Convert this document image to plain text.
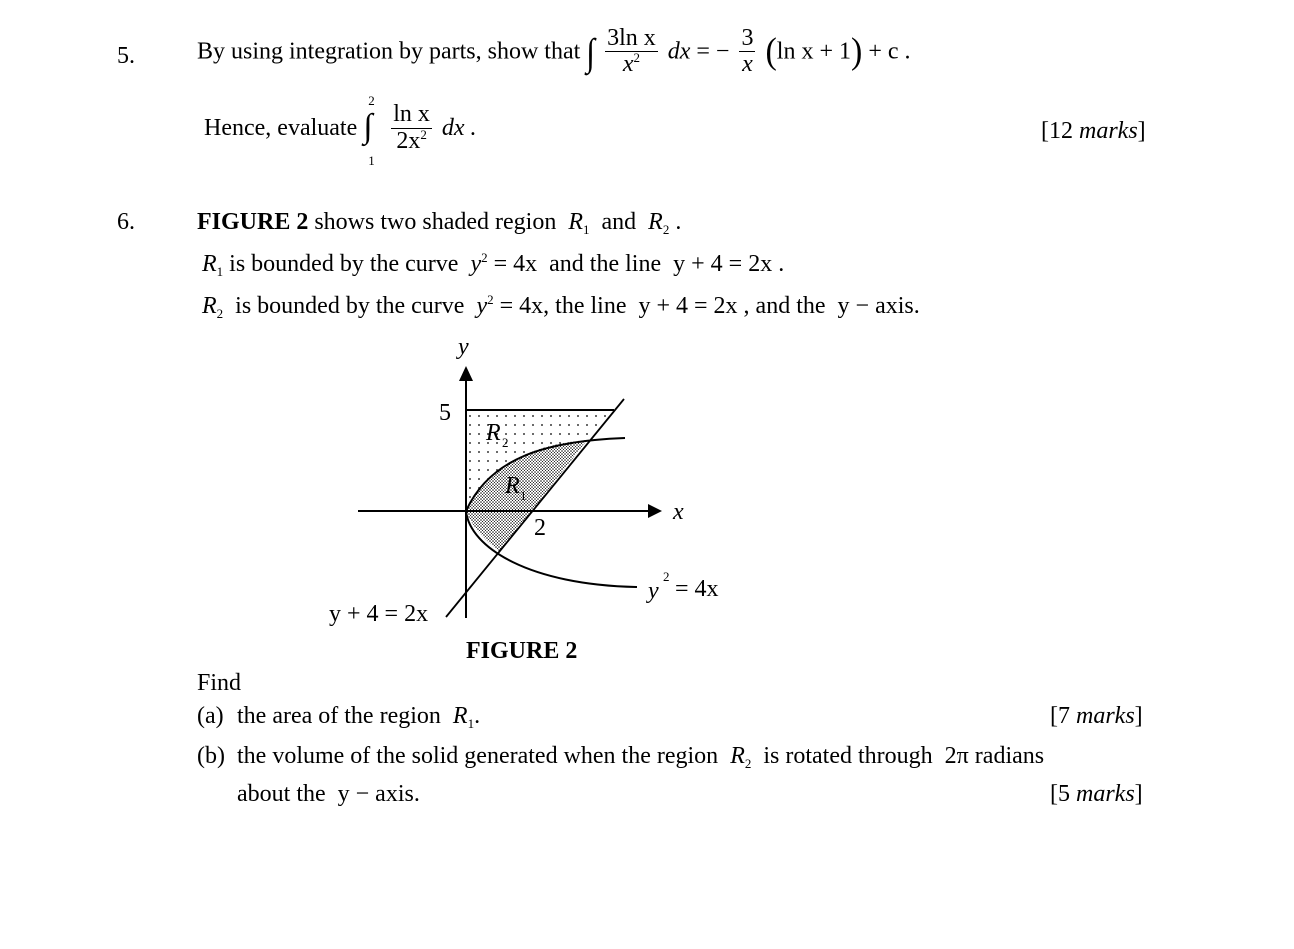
5.	By using integration by parts, show that ∫ $\frac{\text{3ln x}}{x^2}$ dx = − $\frac{3}{x} (\ln$ x + 1) + c .
Hence, evaluate
2
∫
1

$\frac{\text{ln x}}{2x^2}$ dx .	[12 marks]
6.	FIGURE 2 shows two shaded region $R_1$ and $R_2$ .
$R_1$ is bounded by the curve $y^2 = 4x$ and the line y + 4 = 2x .
$R_2$ is bounded by the curve $y^2 = 4x$, the line y + 4 = 2x , and the y − axis.
y
x
5
2
R 2
R 1
y
2 = 4x
y + 4 = 2x
FIGURE 2
Find
(a) the area of the region $R_1$.	[7 marks]
(b) the volume of the solid generated when the region $R_2$ is rotated through 2π radians
about the y − axis.	[5 marks]
